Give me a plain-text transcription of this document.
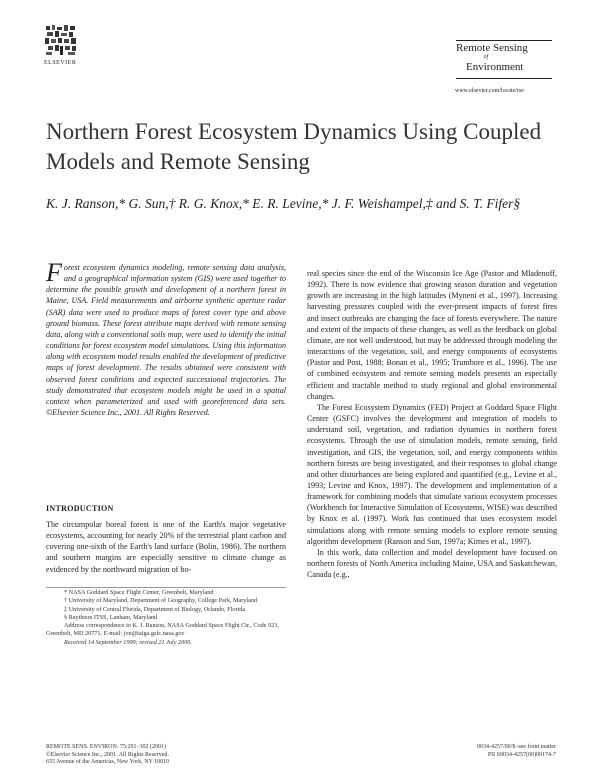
ELSEVIER
Remote Sensing
of
Environment
www.elsevier.com/locate/rse
Northern Forest Ecosystem Dynamics Using Coupled Models and Remote Sensing
K. J. Ranson,* G. Sun,† R. G. Knox,* E. R. Levine,* J. F. Weishampel,‡ and S. T. Fifer§
Forest ecosystem dynamics modeling, remote sensing data analysis, and a geographical information system (GIS) were used together to determine the possible growth and development of a northern forest in Maine, USA. Field measurements and airborne synthetic aperture radar (SAR) data were used to produce maps of forest cover type and above ground biomass. These forest attribute maps derived with remote sensing data, along with a conventional soils map, were used to identify the initial conditions for forest ecosystem model simulations. Using this information along with ecosystem model results enabled the development of predictive maps of forest development. The results obtained were consistent with observed forest conditions and expected successional trajectories. The study demonstrated that ecosystem models might be used in a spatial context when parameterized and used with georeferenced data sets. ©Elsevier Science Inc., 2001. All Rights Reserved.
INTRODUCTION
The circumpolar boreal forest is one of the Earth's major vegetative ecosystems, accounting for nearly 20% of the terrestrial plant carbon and covering one-sixth of the Earth's land surface (Bolin, 1986). The northern and southern margins are especially sensitive to climate change as evidenced by the northward migration of bo-

* NASA Goddard Space Flight Center, Greenbelt, Maryland

† University of Maryland, Department of Geography, College Park, Maryland

‡ University of Central Florida, Department of Biology, Orlando, Florida

§ Raytheon ITSS, Lanham, Maryland

Address correspondence to K. J. Ranson, NASA Goddard Space Flight Ctr., Code 923, Greenbelt, MD 20771. E-mail: jon@taiga.gsfc.nasa.gov

Received 14 September 1999; revised 21 July 2000.

real species since the end of the Wisconsin Ice Age (Pastor and Mladenoff, 1992). There is now evidence that growing season duration and vegetation growth are increasing in the high latitudes (Myneni et al., 1997). Increasing harvesting pressures coupled with the ever-present impacts of forest fires and insect outbreaks are changing the face of forests everywhere. The nature and extent of the impacts of these changes, as well as the feedback on global climate, are not well understood, but may be addressed through modeling the interactions of the vegetation, soil, and energy components of ecosystems (Pastor and Post, 1988; Bonan et al., 1995; Trumbore et al., 1996). The use of combined ecosystem and remote sensing models presents an especially efficient and tractable method to study regional and global environmental changes.

The Forest Ecosystem Dynamics (FED) Project at Goddard Space Flight Center (GSFC) involves the development and integration of models to understand soil, vegetation, and radiation dynamics in northern forest ecosystems. Through the use of simulation models, remote sensing, field investigation, and GIS, the vegetation, soil, and energy components within northern forests are being investigated, and their responses to global change and other disturbances are being explored and quantified (e.g., Levine et al., 1993; Levine and Knox, 1997). The development and implementation of a framework for combining models that simulate various ecosystem processes (Workbench for Interactive Simulation of Ecosystems, WISE) was described by Knox et al. (1997). Work has continued that uses ecosystem model simulations along with remote sensing models to explore remote sensing algorithm development (Ranson and Sun, 1997a; Kimes et al., 1997).

In this work, data collection and model development have focused on northern forests of North America including Maine, USA and Saskatchewan, Canada (e.g.,

REMOTE SENS. ENVIRON. 75:291–302 (2001)
©Elsevier Science Inc., 2001. All Rights Reserved.
655 Avenue of the Americas, New York, NY 10010
0034-4257/00/$–see front matter
PII S0034-4257(00)00174-7
